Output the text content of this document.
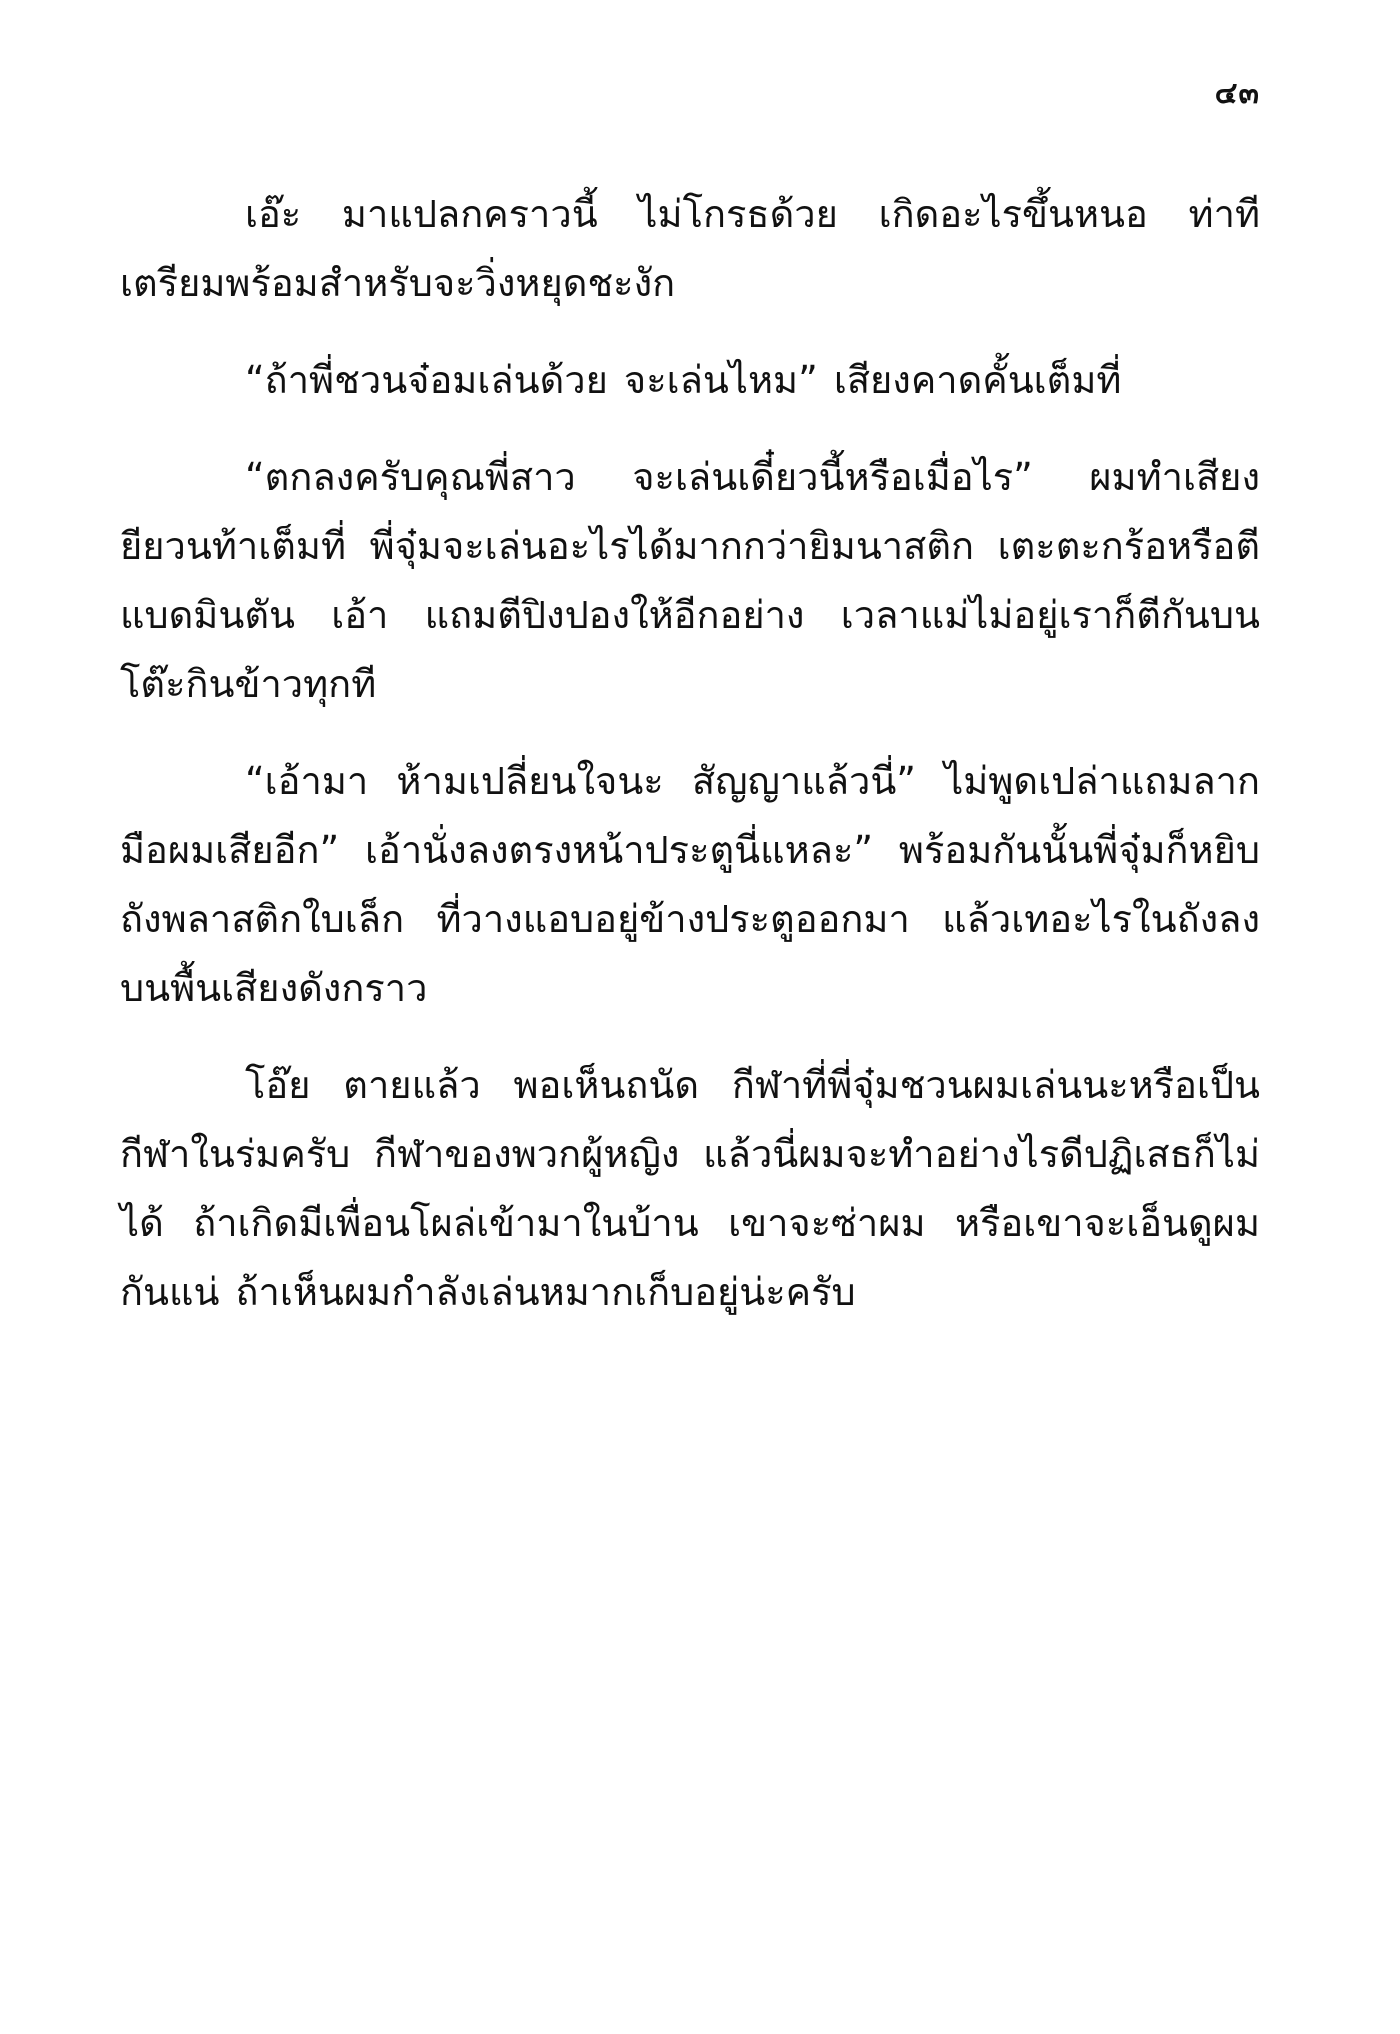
๔๓

เอ๊ะ มาแปลกคราวนี้ ไม่โกรธด้วย เกิดอะไรขึ้นหนอ ท่าทีเตรียมพร้อมสำหรับจะวิ่งหยุดชะงัก

“ถ้าพี่ชวนจ๋อมเล่นด้วย จะเล่นไหม” เสียงคาดคั้นเต็มที่

“ตกลงครับคุณพี่สาว จะเล่นเดี๋ยวนี้หรือเมื่อไร” ผมทำเสียงยียวนท้าเต็มที่ พี่จุ๋มจะเล่นอะไรได้มากกว่ายิมนาสติก เตะตะกร้อหรือตีแบดมินตัน เอ้า แถมตีปิงปองให้อีกอย่าง เวลาแม่ไม่อยู่เราก็ตีกันบนโต๊ะกินข้าวทุกที

“เอ้ามา ห้ามเปลี่ยนใจนะ สัญญาแล้วนี่” ไม่พูดเปล่าแถมลากมือผมเสียอีก” เอ้านั่งลงตรงหน้าประตูนี่แหละ” พร้อมกันนั้นพี่จุ๋มก็หยิบถังพลาสติกใบเล็ก ที่วางแอบอยู่ข้างประตูออกมา แล้วเทอะไรในถังลงบนพื้นเสียงดังกราว

โอ๊ย ตายแล้ว พอเห็นถนัด กีฬาที่พี่จุ๋มชวนผมเล่นนะหรือเป็นกีฬาในร่มครับ กีฬาของพวกผู้หญิง แล้วนี่ผมจะทำอย่างไรดีปฏิเสธก็ไม่ได้ ถ้าเกิดมีเพื่อนโผล่เข้ามาในบ้าน เขาจะซ่าผม หรือเขาจะเอ็นดูผมกันแน่ ถ้าเห็นผมกำลังเล่นหมากเก็บอยู่น่ะครับ
